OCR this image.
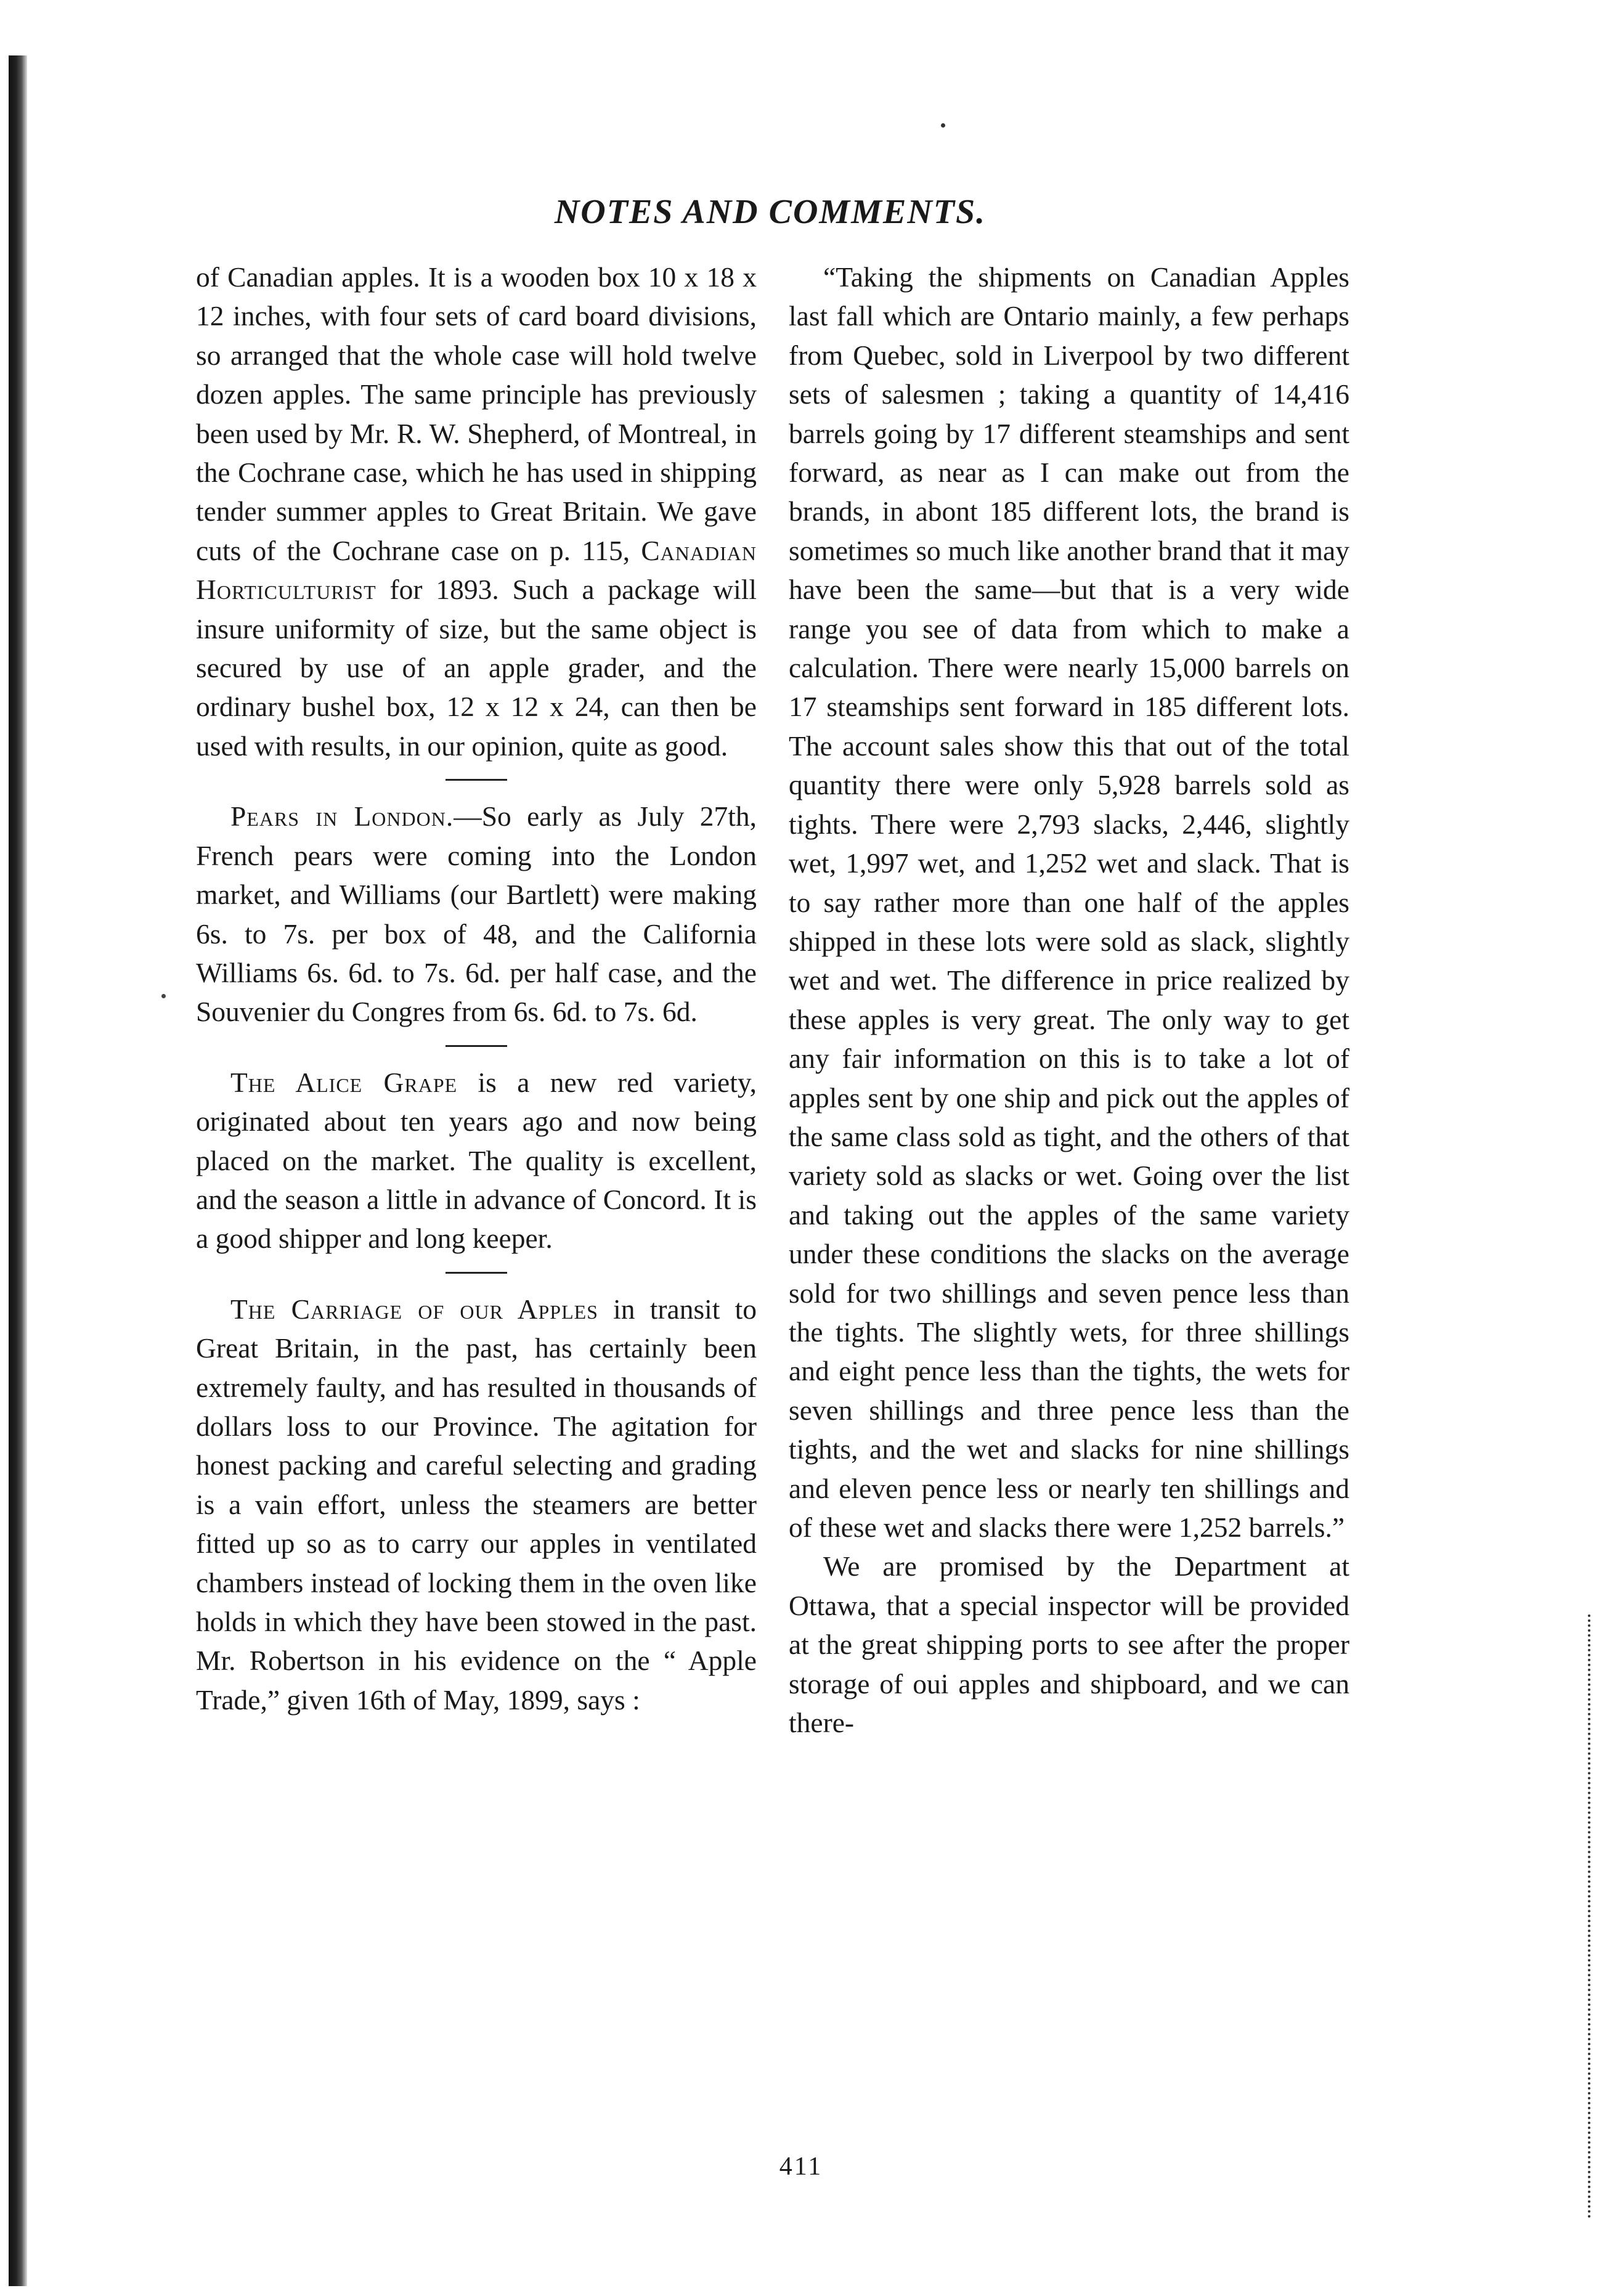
NOTES AND COMMENTS.

of Canadian apples. It is a wooden box 10 x 18 x 12 inches, with four sets of card board divisions, so arranged that the whole case will hold twelve dozen apples. The same principle has previously been used by Mr. R. W. Shepherd, of Montreal, in the Cochrane case, which he has used in shipping tender summer apples to Great Britain. We gave cuts of the Cochrane case on p. 115, Canadian Horticulturist for 1893. Such a package will insure uniformity of size, but the same object is secured by use of an apple grader, and the ordinary bushel box, 12 x 12 x 24, can then be used with results, in our opinion, quite as good.

Pears in London.—So early as July 27th, French pears were coming into the London market, and Williams (our Bartlett) were making 6s. to 7s. per box of 48, and the California Williams 6s. 6d. to 7s. 6d. per half case, and the Souvenier du Congres from 6s. 6d. to 7s. 6d.

The Alice Grape is a new red variety, originated about ten years ago and now being placed on the market. The quality is excellent, and the season a little in advance of Concord. It is a good shipper and long keeper.

The Carriage of our Apples in transit to Great Britain, in the past, has certainly been extremely faulty, and has resulted in thousands of dollars loss to our Province. The agitation for honest packing and careful selecting and grading is a vain effort, unless the steamers are better fitted up so as to carry our apples in ventilated chambers instead of locking them in the oven like holds in which they have been stowed in the past. Mr. Robertson in his evidence on the “ Apple Trade,” given 16th of May, 1899, says :

“Taking the shipments on Canadian Apples last fall which are Ontario mainly, a few perhaps from Quebec, sold in Liverpool by two different sets of salesmen ; taking a quantity of 14,416 barrels going by 17 different steamships and sent forward, as near as I can make out from the brands, in abont 185 different lots, the brand is sometimes so much like another brand that it may have been the same—but that is a very wide range you see of data from which to make a calculation. There were nearly 15,000 barrels on 17 steamships sent forward in 185 different lots. The account sales show this that out of the total quantity there were only 5,928 barrels sold as tights. There were 2,793 slacks, 2,446, slightly wet, 1,997 wet, and 1,252 wet and slack. That is to say rather more than one half of the apples shipped in these lots were sold as slack, slightly wet and wet. The difference in price realized by these apples is very great. The only way to get any fair information on this is to take a lot of apples sent by one ship and pick out the apples of the same class sold as tight, and the others of that variety sold as slacks or wet. Going over the list and taking out the apples of the same variety under these conditions the slacks on the average sold for two shillings and seven pence less than the tights. The slightly wets, for three shillings and eight pence less than the tights, the wets for seven shillings and three pence less than the tights, and the wet and slacks for nine shillings and eleven pence less or nearly ten shillings and of these wet and slacks there were 1,252 barrels.”

We are promised by the Department at Ottawa, that a special inspector will be provided at the great shipping ports to see after the proper storage of oui apples and shipboard, and we can there-

411
